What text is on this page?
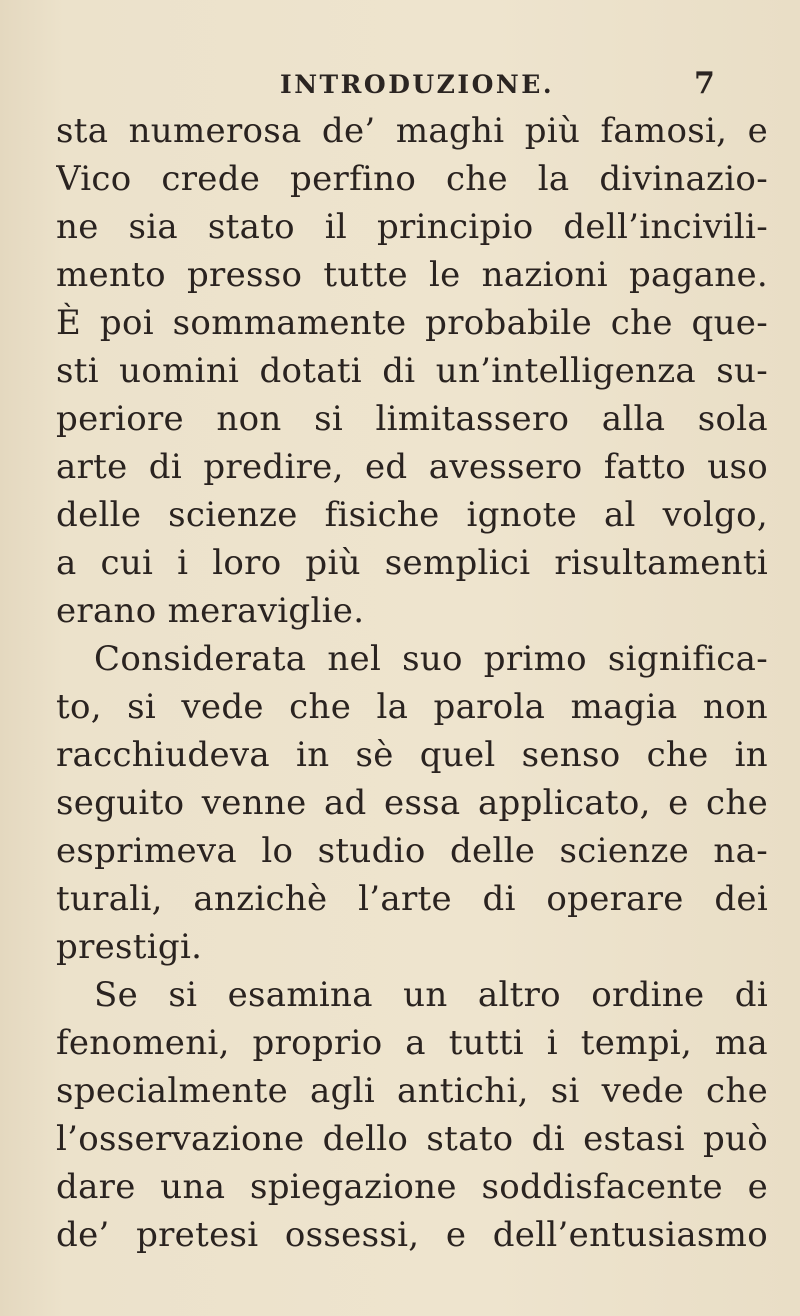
INTRODUZIONE.	7
sta numerosa de’ maghi più famosi, e
Vico crede perfino che la divinazio-
ne sia stato il principio dell’incivili-
mento presso tutte le nazioni pagane.
È poi sommamente probabile che que-
sti uomini dotati di un’intelligenza su-
periore non si limitassero alla sola
arte di predire, ed avessero fatto uso
delle scienze fisiche ignote al volgo,
a cui i loro più semplici risultamenti
erano meraviglie.
Considerata nel suo primo significa-
to, si vede che la parola magia non
racchiudeva in sè quel senso che in
seguito venne ad essa applicato, e che
esprimeva lo studio delle scienze na-
turali, anzichè l’arte di operare dei
prestigi.
Se si esamina un altro ordine di
fenomeni, proprio a tutti i tempi, ma
specialmente agli antichi, si vede che
l’osservazione dello stato di estasi può
dare una spiegazione soddisfacente e
de’ pretesi ossessi, e dell’entusiasmo
